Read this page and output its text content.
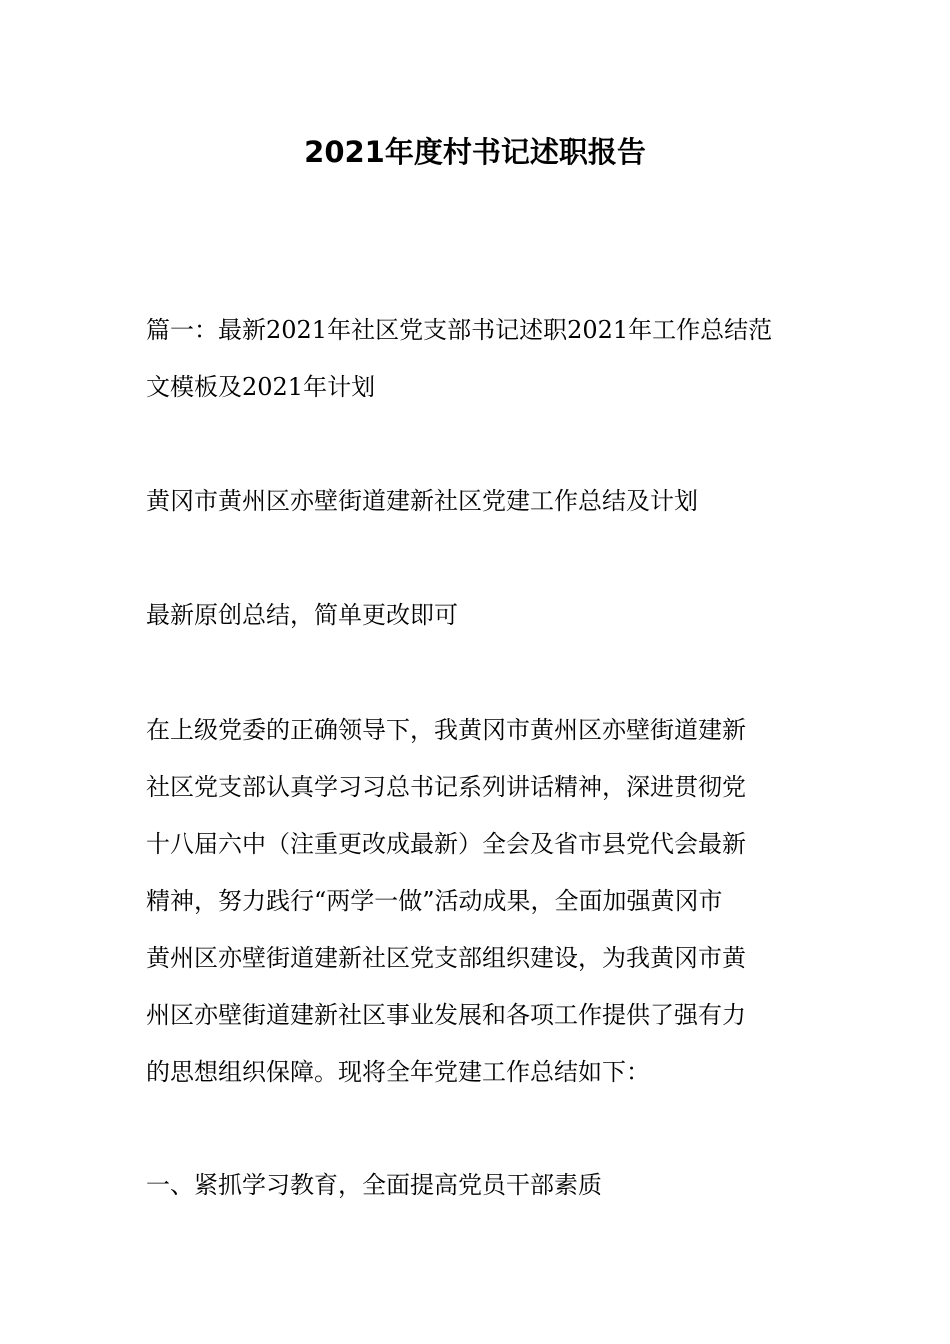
2021年度村书记述职报告

篇一：最新2021年社区党支部书记述职2021年工作总结范
文模板及2021年计划

黄冈市黄州区亦壁街道建新社区党建工作总结及计划

最新原创总结，简单更改即可

在上级党委的正确领导下，我黄冈市黄州区亦壁街道建新
社区党支部认真学习习总书记系列讲话精神，深进贯彻党
十八届六中（注重更改成最新）全会及省市县党代会最新
精神，努力践行“两学一做”活动成果，全面加强黄冈市
黄州区亦壁街道建新社区党支部组织建设，为我黄冈市黄
州区亦壁街道建新社区事业发展和各项工作提供了强有力
的思想组织保障。现将全年党建工作总结如下：

一、紧抓学习教育，全面提高党员干部素质
